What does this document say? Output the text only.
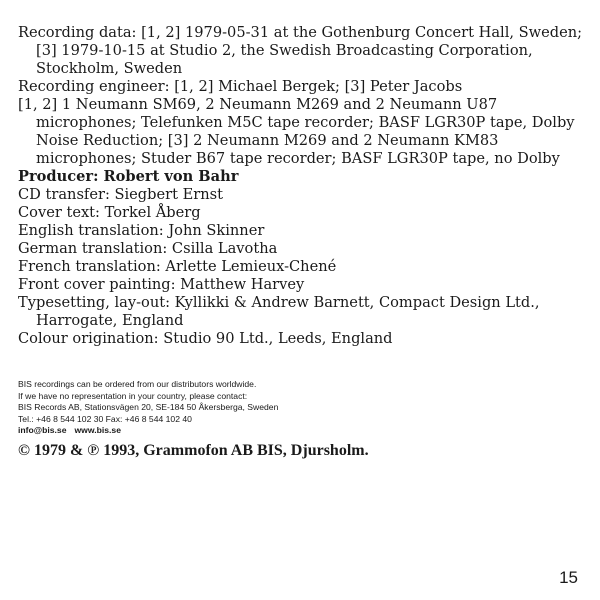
Recording data: [1, 2] 1979-05-31 at the Gothenburg Concert Hall, Sweden;
[3] 1979-10-15 at Studio 2, the Swedish Broadcasting Corporation,
Stockholm, Sweden
Recording engineer: [1, 2] Michael Bergek; [3] Peter Jacobs
[1, 2] 1 Neumann SM69, 2 Neumann M269 and 2 Neumann U87
microphones; Telefunken M5C tape recorder; BASF LGR30P tape, Dolby
Noise Reduction; [3] 2 Neumann M269 and 2 Neumann KM83
microphones; Studer B67 tape recorder; BASF LGR30P tape, no Dolby
Producer: Robert von Bahr
CD transfer: Siegbert Ernst
Cover text: Torkel Åberg
English translation: John Skinner
German translation: Csilla Lavotha
French translation: Arlette Lemieux-Chené
Front cover painting: Matthew Harvey
Typesetting, lay-out: Kyllikki & Andrew Barnett, Compact Design Ltd.,
Harrogate, England
Colour origination: Studio 90 Ltd., Leeds, England
BIS recordings can be ordered from our distributors worldwide.
If we have no representation in your country, please contact:
BIS Records AB, Stationsvägen 20, SE-184 50 Åkersberga, Sweden
Tel.: +46 8 544 102 30 Fax: +46 8 544 102 40
info@bis.se www.bis.se
© 1979 & ℗ 1993, Grammofon AB BIS, Djursholm.
15
